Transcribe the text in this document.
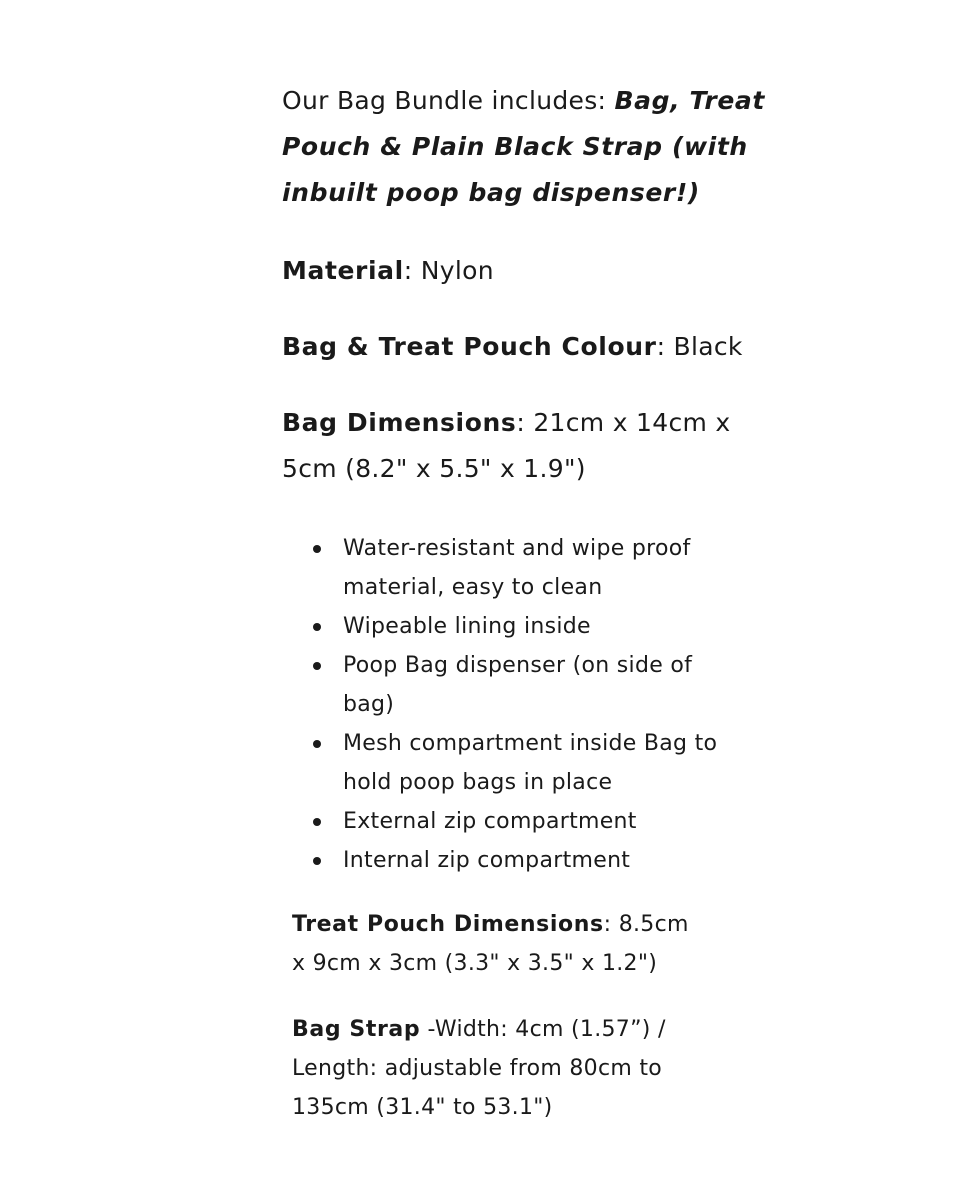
Our Bag Bundle includes: Bag, Treat Pouch & Plain Black Strap (with inbuilt poop bag dispenser!)

Material: Nylon

Bag & Treat Pouch Colour: Black

Bag Dimensions: 21cm x 14cm x 5cm (8.2" x 5.5" x 1.9")

Water-resistant and wipe proof material, easy to clean
Wipeable lining inside
Poop Bag dispenser (on side of bag)
Mesh compartment inside Bag to hold poop bags in place
External zip compartment
Internal zip compartment

Treat Pouch Dimensions: 8.5cm x 9cm x 3cm (3.3" x 3.5" x 1.2")

Bag Strap -Width: 4cm (1.57”) / Length: adjustable from 80cm to 135cm (31.4" to 53.1")
